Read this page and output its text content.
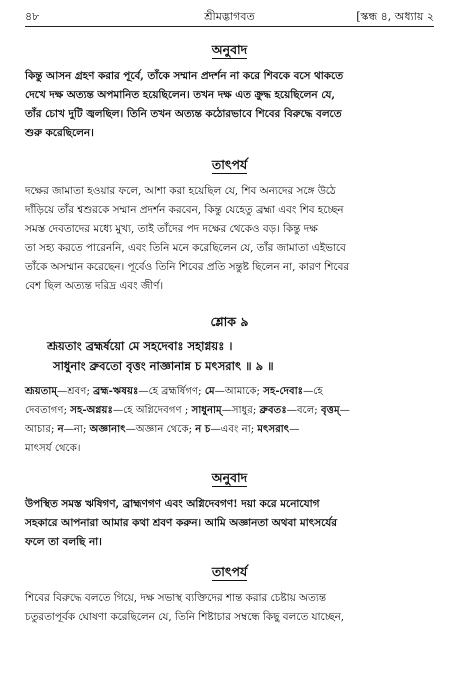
৪৮	শ্রীমদ্ভাগবত	[স্কন্ধ ৪, অধ্যায় ২
অনুবাদ

কিন্তু আসন গ্রহণ করার পূর্বে, তাঁকে সম্মান প্রদর্শন না করে শিবকে বসে থাকতে

দেখে দক্ষ অত্যন্ত অপমানিত হয়েছিলেন। তখন দক্ষ এত ক্রুদ্ধ হয়েছিলেন যে,

তাঁর চোখ দুটি জ্বলছিল। তিনি তখন অত্যন্ত কঠোরভাবে শিবের বিরুদ্ধে বলতে

শুরু করেছিলেন।

তাৎপর্য

দক্ষের জামাতা হওয়ার ফলে, আশা করা হয়েছিল যে, শিব অন্যদের সঙ্গে উঠে

দাঁড়িয়ে তাঁর শ্বশুরকে সম্মান প্রদর্শন করবেন, কিন্তু যেহেতু ব্রহ্মা এবং শিব হচ্ছেন

সমস্ত দেবতাদের মধ্যে মুখ্য, তাই তাঁদের পদ দক্ষের থেকেও বড়। কিন্তু দক্ষ

তা সহ্য করতে পারেননি, এবং তিনি মনে করেছিলেন যে, তাঁর জামাতা এইভাবে

তাঁকে অসম্মান করেছেন। পূর্বেও তিনি শিবের প্রতি সন্তুষ্ট ছিলেন না, কারণ শিবের

বেশ ছিল অত্যন্ত দরিদ্র এবং জীর্ণ।

শ্লোক ৯

শ্রূয়তাং ব্রহ্মর্ষয়ো মে সহদেবাঃ সহাগ্নয়ঃ ।

সাধুনাং ব্রুবতো বৃত্তং নাজ্ঞানান্ন চ মৎসরাৎ ॥ ৯ ॥

শ্রূয়তাম্—শ্রবণ; ব্রহ্ম-ঋষয়ঃ—হে ব্রহ্মর্ষিগণ; মে—আমাকে; সহ-দেবাঃ—হে
দেবতাগণ; সহ-অগ্নয়ঃ—হে অগ্নিদেবগণ ; সাধুনাম্—সাধুর; ব্রুবতঃ—বলে; বৃত্তম্—
আচার; ন—না; অজ্ঞানাৎ—অজ্ঞান থেকে; ন চ—এবং না; মৎসরাৎ—
মাৎসর্য থেকে।
অনুবাদ

উপস্থিত সমস্ত ঋষিগণ, ব্রাহ্মণগণ এবং অগ্নিদেবগণ! দয়া করে মনোযোগ

সহকারে আপনারা আমার কথা শ্রবণ করুন। আমি অজ্ঞানতা অথবা মাৎসর্যের

ফলে তা বলছি না।

তাৎপর্য

শিবের বিরুদ্ধে বলতে গিয়ে, দক্ষ সভাস্থ ব্যক্তিদের শান্ত করার চেষ্টায় অত্যন্ত

চতুরতাপূর্বক ঘোষণা করেছিলেন যে, তিনি শিষ্টাচার সম্বন্ধে কিছু বলতে যাচ্ছেন,
